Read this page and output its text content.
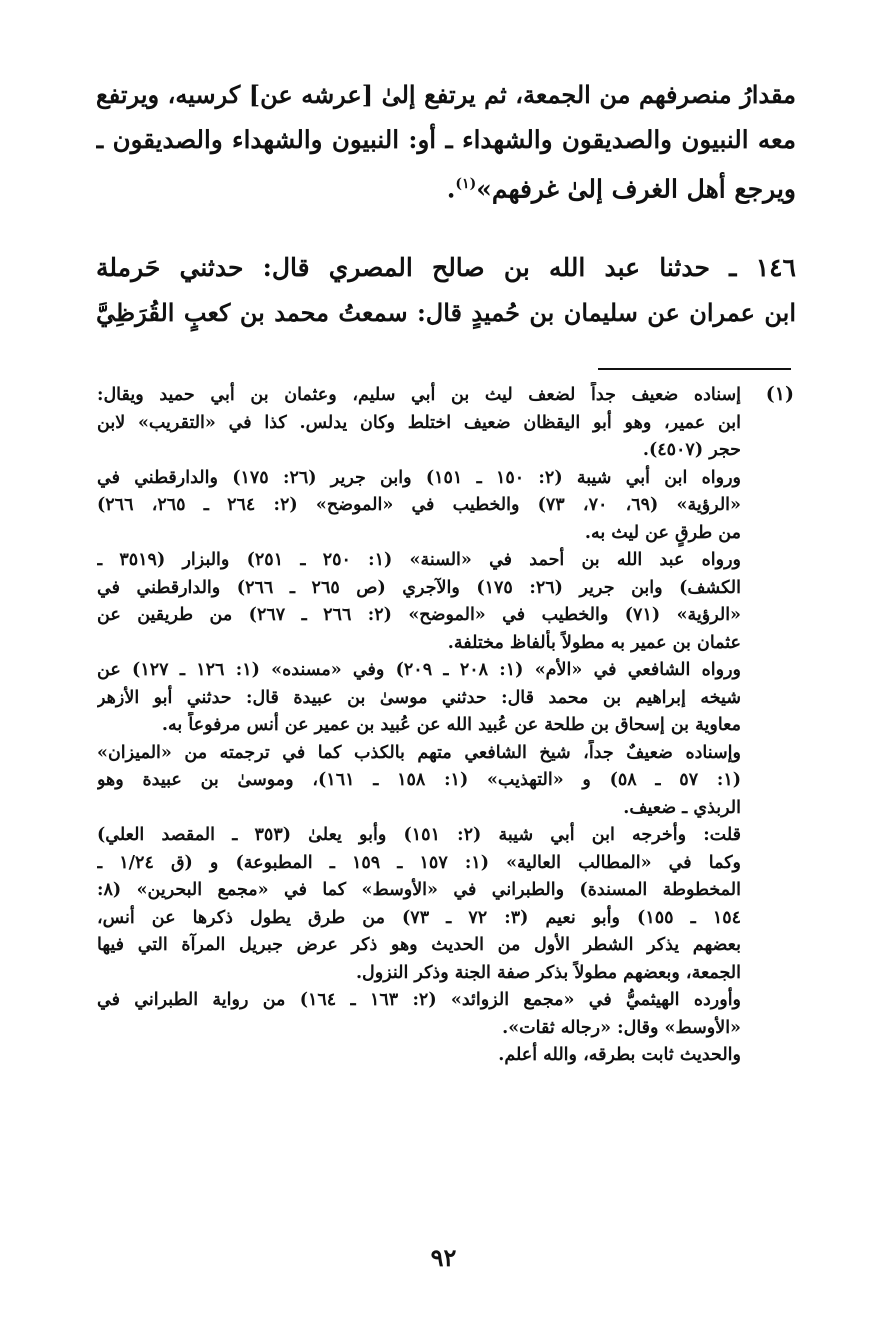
مقدارُ منصرفهم من الجمعة، ثم يرتفع إلىٰ [عرشه عن] كرسيه، ويرتفع
معه النبيون والصديقون والشهداء ـ أو: النبيون والشهداء والصديقون ـ
ويرجع أهل الغرف إلىٰ غرفهم»$^{(١)}$.
١٤٦ ـ حدثنا عبد الله بن صالح المصري قال: حدثني حَرملة
ابن عمران عن سليمان بن حُميدٍ قال: سمعتُ محمد بن كعبٍ القُرَظِيَّ
(١)
إسناده ضعيف جداً لضعف ليث بن أبي سليم، وعثمان بن أبي حميد ويقال:
ابن عمير، وهو أبو اليقظان ضعيف اختلط وكان يدلس. كذا في «التقريب» لابن
حجر (٤٥٠٧).
ورواه ابن أبي شيبة (٢: ١٥٠ ـ ١٥١) وابن جرير (٢٦: ١٧٥) والدارقطني في
«الرؤية» (٦٩، ٧٠، ٧٣) والخطيب في «الموضح» (٢: ٢٦٤ ـ ٢٦٥، ٢٦٦)
من طرقٍ عن ليث به.
ورواه عبد الله بن أحمد في «السنة» (١: ٢٥٠ ـ ٢٥١) والبزار (٣٥١٩ ـ
الكشف) وابن جرير (٢٦: ١٧٥) والآجري (ص ٢٦٥ ـ ٢٦٦) والدارقطني في
«الرؤية» (٧١) والخطيب في «الموضح» (٢: ٢٦٦ ـ ٢٦٧) من طريقين عن
عثمان بن عمير به مطولاً بألفاظ مختلفة.
ورواه الشافعي في «الأم» (١: ٢٠٨ ـ ٢٠٩) وفي «مسنده» (١: ١٢٦ ـ ١٢٧) عن
شيخه إبراهيم بن محمد قال: حدثني موسىٰ بن عبيدة قال: حدثني أبو الأزهر
معاوية بن إسحاق بن طلحة عن عُبيد الله عن عُبيد بن عمير عن أنس مرفوعاً به.
وإسناده ضعيفٌ جداً، شيخ الشافعي متهم بالكذب كما في ترجمته من «الميزان»
(١: ٥٧ ـ ٥٨) و «التهذيب» (١: ١٥٨ ـ ١٦١)، وموسىٰ بن عبيدة وهو
الربذي ـ ضعيف.
قلت: وأخرجه ابن أبي شيبة (٢: ١٥١) وأبو يعلىٰ (٣٥٣ ـ المقصد العلي)
وكما في «المطالب العالية» (١: ١٥٧ ـ ١٥٩ ـ المطبوعة) و (ق ١/٢٤ ـ
المخطوطة المسندة) والطبراني في «الأوسط» كما في «مجمع البحرين» (٨:
١٥٤ ـ ١٥٥) وأبو نعيم (٣: ٧٢ ـ ٧٣) من طرق يطول ذكرها عن أنس،
بعضهم يذكر الشطر الأول من الحديث وهو ذكر عرض جبريل المرآة التي فيها
الجمعة، وبعضهم مطولاً بذكر صفة الجنة وذكر النزول.
وأورده الهيثميُّ في «مجمع الزوائد» (٢: ١٦٣ ـ ١٦٤) من رواية الطبراني في
«الأوسط» وقال: «رجاله ثقات».
والحديث ثابت بطرقه، والله أعلم.
٩٢
